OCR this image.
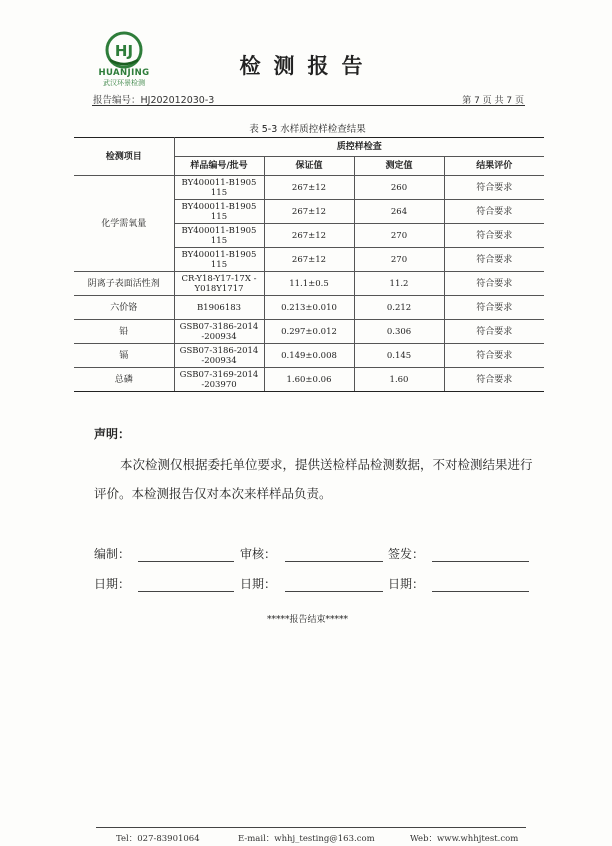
HJ
HUANJING
武汉环景检测
检测报告
报告编号：HJ202012030-3	第 7 页 共 7 页
表 5-3 水样质控样检查结果
检测项目	质控样检查			
	样品编号/批号	保证值	测定值	结果评价
化学需氧量	BY400011-B1905 115	267±12	260	符合要求
	BY400011-B1905 115	267±12	264	符合要求
	BY400011-B1905 115	267±12	270	符合要求
	BY400011-B1905 115	267±12	270	符合要求
阴离子表面活性剂	CR-Y18-Y17-17X -Y018Y1717	11.1±0.5	11.2	符合要求
六价铬	B1906183	0.213±0.010	0.212	符合要求
铅	GSB07-3186-2014 -200934	0.297±0.012	0.306	符合要求
镉	GSB07-3186-2014 -200934	0.149±0.008	0.145	符合要求
总磷	GSB07-3169-2014 -203970	1.60±0.06	1.60	符合要求
声明：
本次检测仅根据委托单位要求，提供送检样品检测数据，不对检测结果进行评价。本检测报告仅对本次来样样品负责。
编制：	审核：	签发：
日期：	日期：	日期：
*****报告结束*****
Tel：027-83901064	E-mail：whhj_testing@163.com	Web：www.whhjtest.com
